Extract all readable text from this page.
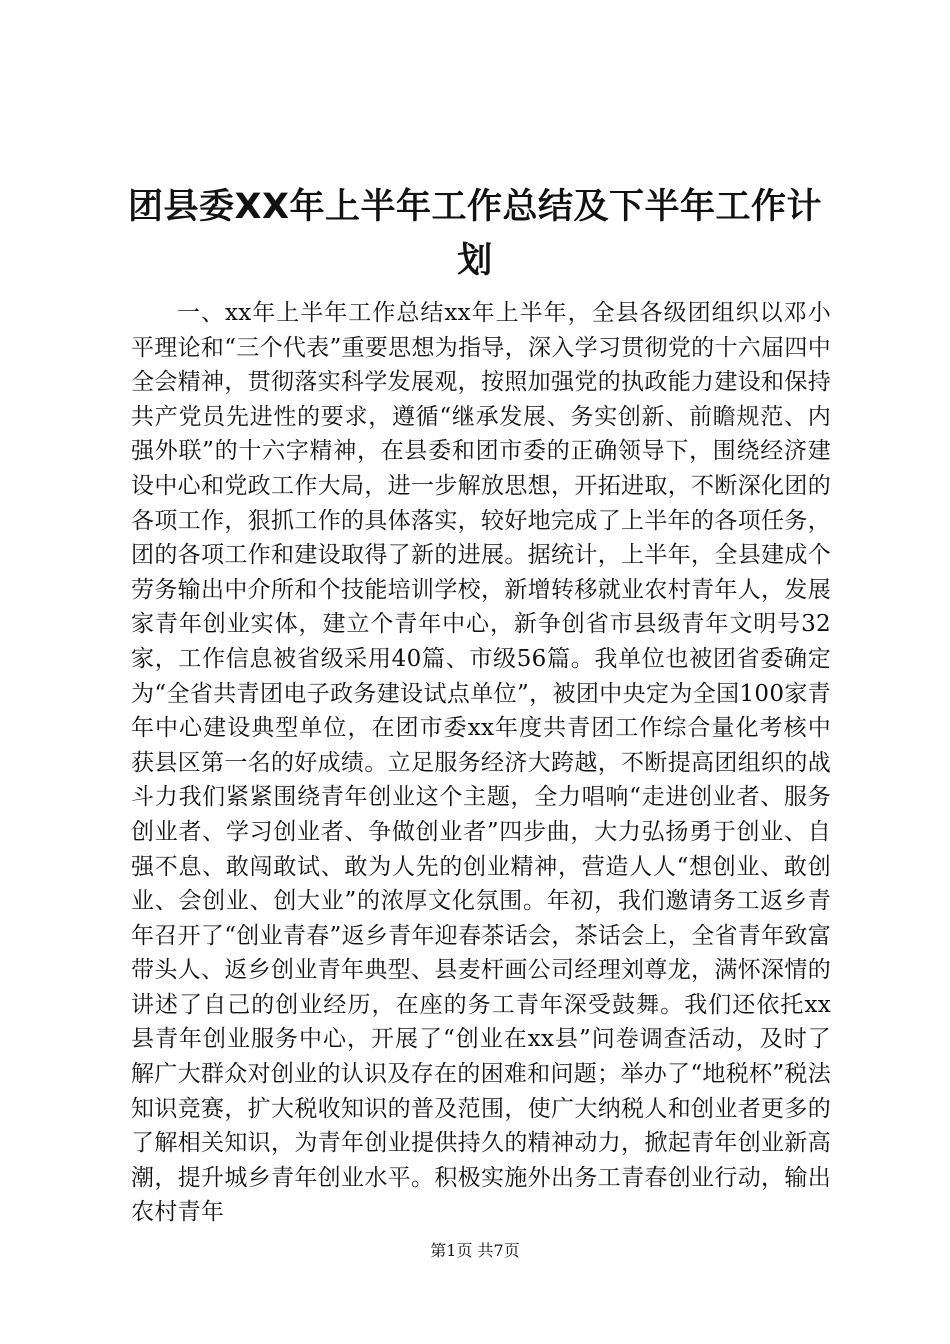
团县委XX年上半年工作总结及下半年工作计划

一、xx年上半年工作总结xx年上半年，全县各级团组织以邓小平理论和“三个代表”重要思想为指导，深入学习贯彻党的十六届四中全会精神，贯彻落实科学发展观，按照加强党的执政能力建设和保持共产党员先进性的要求，遵循“继承发展、务实创新、前瞻规范、内强外联”的十六字精神，在县委和团市委的正确领导下，围绕经济建设中心和党政工作大局，进一步解放思想，开拓进取，不断深化团的各项工作，狠抓工作的具体落实，较好地完成了上半年的各项任务，团的各项工作和建设取得了新的进展。据统计，上半年，全县建成个劳务输出中介所和个技能培训学校，新增转移就业农村青年人，发展家青年创业实体，建立个青年中心，新争创省市县级青年文明号32家，工作信息被省级采用40篇、市级56篇。我单位也被团省委确定为“全省共青团电子政务建设试点单位”，被团中央定为全国100家青年中心建设典型单位，在团市委xx年度共青团工作综合量化考核中获县区第一名的好成绩。立足服务经济大跨越，不断提高团组织的战斗力我们紧紧围绕青年创业这个主题，全力唱响“走进创业者、服务创业者、学习创业者、争做创业者”四步曲，大力弘扬勇于创业、自强不息、敢闯敢试、敢为人先的创业精神，营造人人“想创业、敢创业、会创业、创大业”的浓厚文化氛围。年初，我们邀请务工返乡青年召开了“创业青春”返乡青年迎春茶话会，茶话会上，全省青年致富带头人、返乡创业青年典型、县麦杆画公司经理刘尊龙，满怀深情的讲述了自己的创业经历，在座的务工青年深受鼓舞。我们还依托xx县青年创业服务中心，开展了“创业在xx县”问卷调查活动，及时了解广大群众对创业的认识及存在的困难和问题；举办了“地税杯”税法知识竞赛，扩大税收知识的普及范围，使广大纳税人和创业者更多的了解相关知识，为青年创业提供持久的精神动力，掀起青年创业新高潮，提升城乡青年创业水平。积极实施外出务工青春创业行动，输出农村青年

第1页 共7页
